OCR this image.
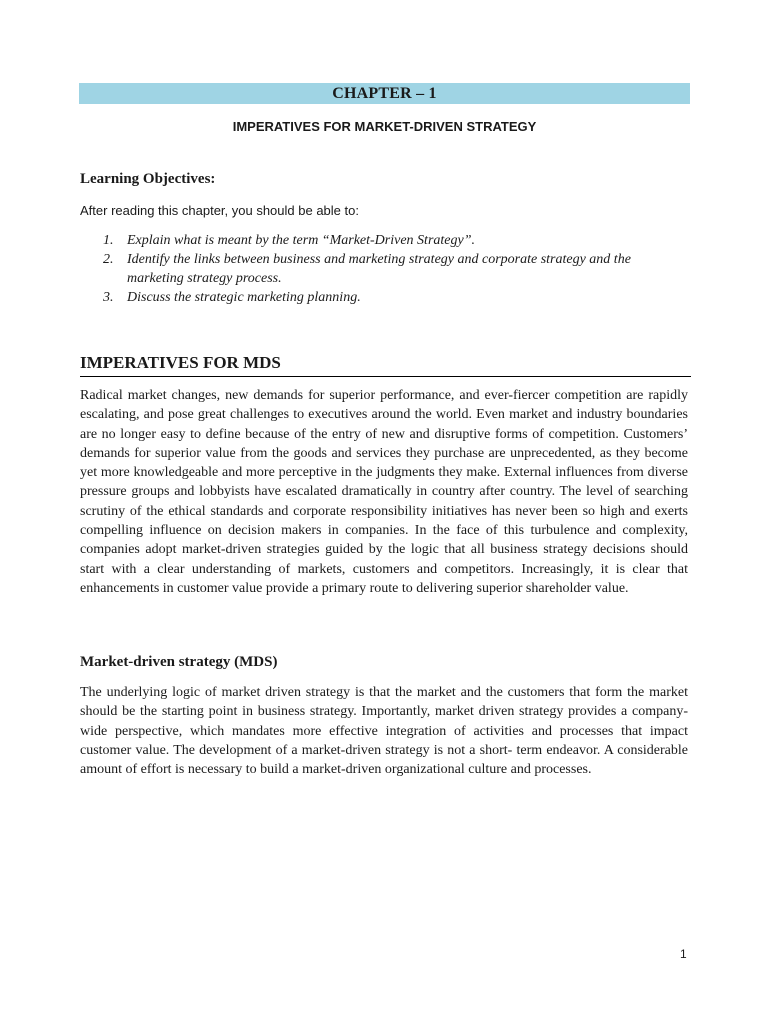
CHAPTER – 1
IMPERATIVES FOR MARKET-DRIVEN STRATEGY
Learning Objectives:
After reading this chapter, you should be able to:
1. Explain what is meant by the term “Market-Driven Strategy”.
2. Identify the links between business and marketing strategy and corporate strategy and the marketing strategy process.
3. Discuss the strategic marketing planning.
IMPERATIVES FOR MDS

Radical market changes, new demands for superior performance, and ever-fiercer competition are rapidly escalating, and pose great challenges to executives around the world. Even market and industry boundaries are no longer easy to define because of the entry of new and disruptive forms of competition. Customers’ demands for superior value from the goods and services they purchase are unprecedented, as they become yet more knowledgeable and more perceptive in the judgments they make. External influences from diverse pressure groups and lobbyists have escalated dramatically in country after country. The level of searching scrutiny of the ethical standards and corporate responsibility initiatives has never been so high and exerts compelling influence on decision makers in companies. In the face of this turbulence and complexity, companies adopt market-driven strategies guided by the logic that all business strategy decisions should start with a clear understanding of markets, customers and competitors. Increasingly, it is clear that enhancements in customer value provide a primary route to delivering superior shareholder value.

Market-driven strategy (MDS)

The underlying logic of market driven strategy is that the market and the customers that form the market should be the starting point in business strategy. Importantly, market driven strategy provides a company-wide perspective, which mandates more effective integration of activities and processes that impact customer value. The development of a market-driven strategy is not a short- term endeavor. A considerable amount of effort is necessary to build a market-driven organizational culture and processes.

1
